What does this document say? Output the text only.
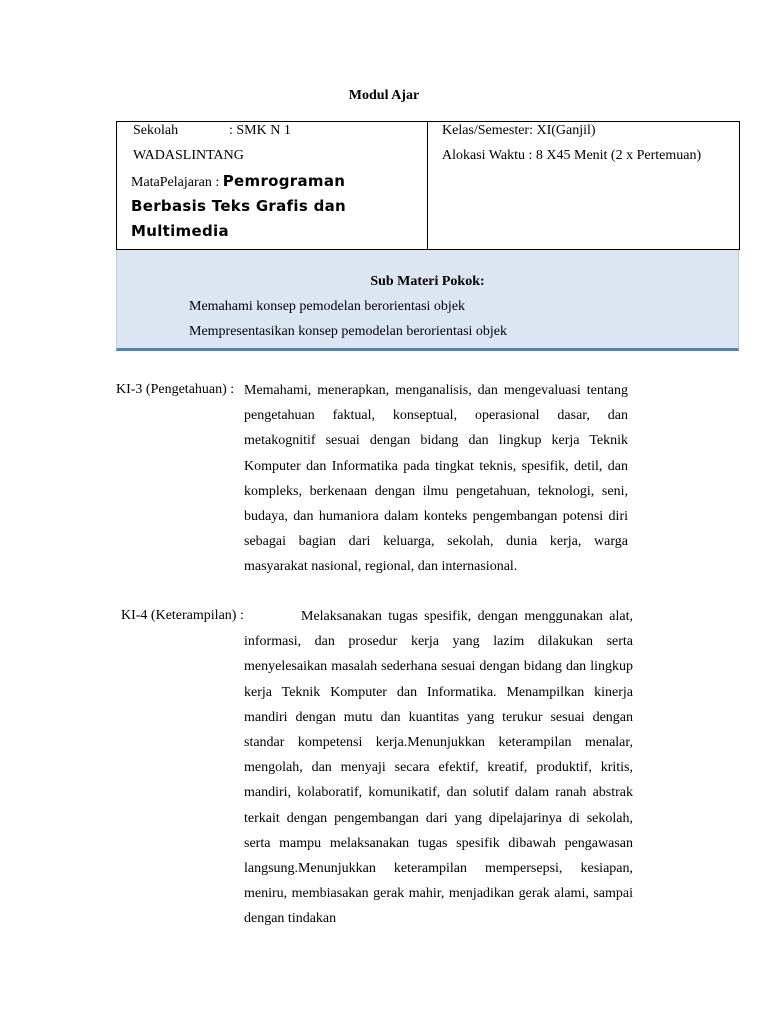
Modul Ajar
Sekolah	: SMK N 1
WADASLINTANG
MataPelajaran : Pemrograman
Berbasis Teks Grafis dan
Multimedia

Kelas/Semester: XI(Ganjil)
Alokasi Waktu : 8 X45 Menit (2 x Pertemuan)
Sub Materi Pokok:
Memahami konsep pemodelan berorientasi objek
Mempresentasikan konsep pemodelan berorientasi objek
KI-3 (Pengetahuan) : Memahami, menerapkan, menganalisis, dan mengevaluasi tentang pengetahuan faktual, konseptual, operasional dasar, dan metakognitif sesuai dengan bidang dan lingkup kerja Teknik Komputer dan Informatika pada tingkat teknis, spesifik, detil, dan kompleks, berkenaan dengan ilmu pengetahuan, teknologi, seni, budaya, dan humaniora dalam konteks pengembangan potensi diri sebagai bagian dari keluarga, sekolah, dunia kerja, warga masyarakat nasional, regional, dan internasional.
KI-4 (Keterampilan) :	Melaksanakan tugas spesifik, dengan menggunakan alat, informasi, dan prosedur kerja yang lazim dilakukan serta menyelesaikan masalah sederhana sesuai dengan bidang dan lingkup kerja Teknik Komputer dan Informatika. Menampilkan kinerja mandiri dengan mutu dan kuantitas yang terukur sesuai dengan standar kompetensi kerja.Menunjukkan keterampilan menalar, mengolah, dan menyaji secara efektif, kreatif, produktif, kritis, mandiri, kolaboratif, komunikatif, dan solutif dalam ranah abstrak terkait dengan pengembangan dari yang dipelajarinya di sekolah, serta mampu melaksanakan tugas spesifik dibawah pengawasan langsung.Menunjukkan keterampilan mempersepsi, kesiapan, meniru, membiasakan gerak mahir, menjadikan gerak alami, sampai dengan tindakan
